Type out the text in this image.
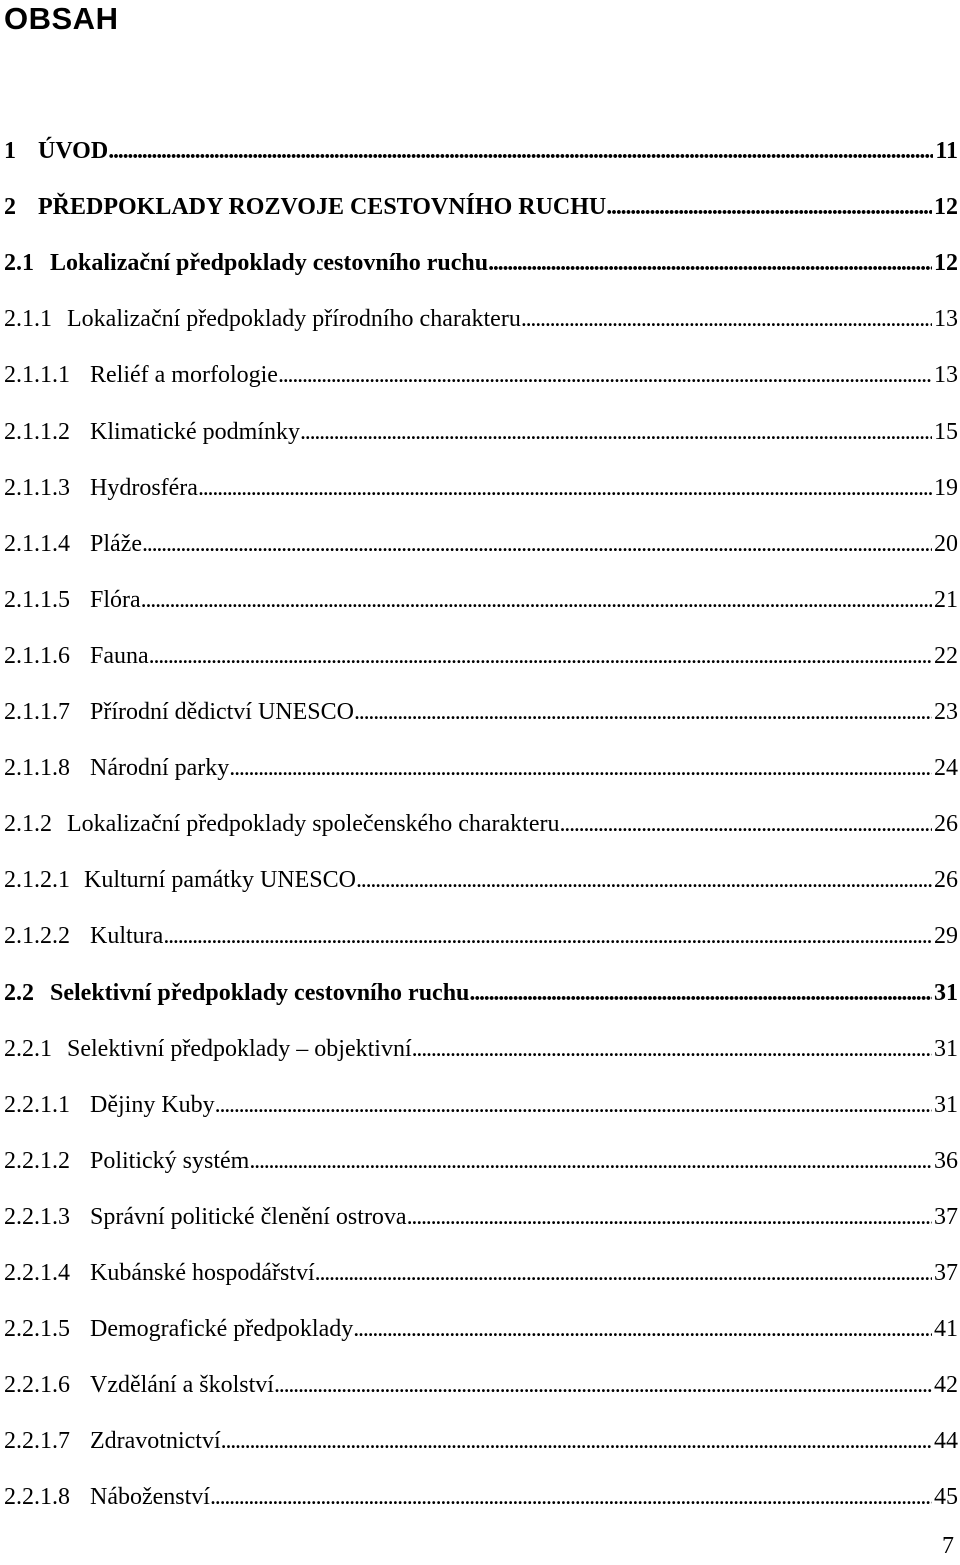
OBSAH
1 ÚVOD . . .	11
2 PŘEDPOKLADY ROZVOJE CESTOVNÍHO RUCHU . . .	12
2.1 Lokalizační předpoklady cestovního ruchu . . .	12
2.1.1 Lokalizační předpoklady přírodního charakteru . . .	13
2.1.1.1 Reliéf a morfologie . . .	13
2.1.1.2 Klimatické podmínky . . .	15
2.1.1.3 Hydrosféra . . .	19
2.1.1.4 Pláže . . .	20
2.1.1.5 Flóra . . .	21
2.1.1.6 Fauna . . .	22
2.1.1.7 Přírodní dědictví UNESCO . . .	23
2.1.1.8 Národní parky . . .	24
2.1.2 Lokalizační předpoklady společenského charakteru . . .	26
2.1.2.1 Kulturní památky UNESCO . . .	26
2.1.2.2 Kultura . . .	29
2.2 Selektivní předpoklady cestovního ruchu . . .	31
2.2.1 Selektivní předpoklady – objektivní . . .	31
2.2.1.1 Dějiny Kuby . . .	31
2.2.1.2 Politický systém . . .	36
2.2.1.3 Správní politické členění ostrova . . .	37
2.2.1.4 Kubánské hospodářství . . .	37
2.2.1.5 Demografické předpoklady . . .	41
2.2.1.6 Vzdělání a školství . . .	42
2.2.1.7 Zdravotnictví . . .	44
2.2.1.8 Náboženství . . .	45
7
